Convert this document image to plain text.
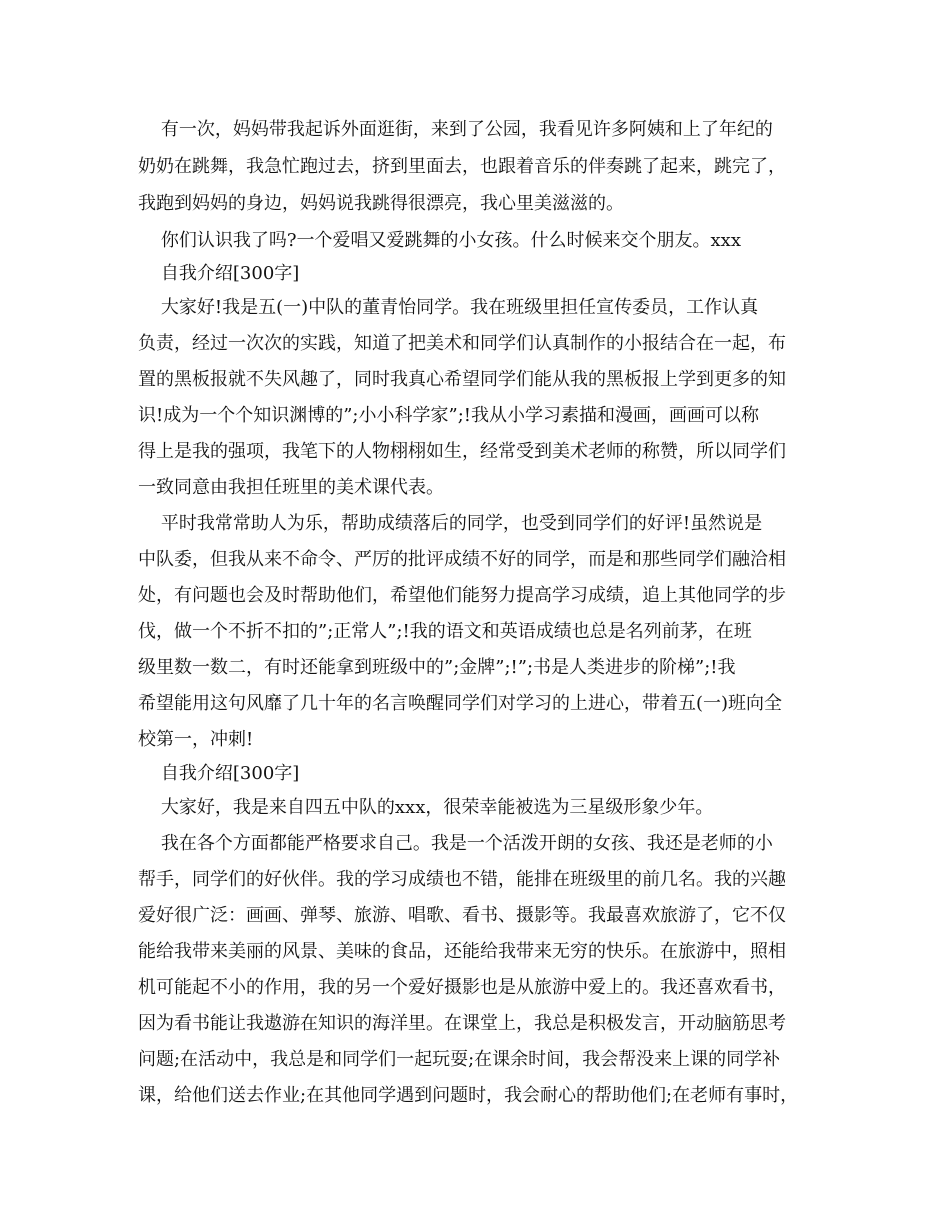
有一次，妈妈带我起诉外面逛街，来到了公园，我看见许多阿姨和上了年纪的
奶奶在跳舞，我急忙跑过去，挤到里面去，也跟着音乐的伴奏跳了起来，跳完了，
我跑到妈妈的身边，妈妈说我跳得很漂亮，我心里美滋滋的。
你们认识我了吗?一个爱唱又爱跳舞的小女孩。什么时候来交个朋友。xxx
自我介绍[300字]
大家好!我是五(一)中队的董青怡同学。我在班级里担任宣传委员，工作认真
负责，经过一次次的实践，知道了把美术和同学们认真制作的小报结合在一起，布
置的黑板报就不失风趣了，同时我真心希望同学们能从我的黑板报上学到更多的知
识!成为一个个知识渊博的”;小小科学家”;!我从小学习素描和漫画，画画可以称
得上是我的强项，我笔下的人物栩栩如生，经常受到美术老师的称赞，所以同学们
一致同意由我担任班里的美术课代表。
平时我常常助人为乐，帮助成绩落后的同学，也受到同学们的好评!虽然说是
中队委，但我从来不命令、严厉的批评成绩不好的同学，而是和那些同学们融洽相
处，有问题也会及时帮助他们，希望他们能努力提高学习成绩，追上其他同学的步
伐，做一个不折不扣的”;正常人”;!我的语文和英语成绩也总是名列前茅，在班
级里数一数二，有时还能拿到班级中的”;金牌”;!”;书是人类进步的阶梯”;!我
希望能用这句风靡了几十年的名言唤醒同学们对学习的上进心，带着五(一)班向全
校第一，冲刺!
自我介绍[300字]
大家好，我是来自四五中队的xxx，很荣幸能被选为三星级形象少年。
我在各个方面都能严格要求自己。我是一个活泼开朗的女孩、我还是老师的小
帮手，同学们的好伙伴。我的学习成绩也不错，能排在班级里的前几名。我的兴趣
爱好很广泛：画画、弹琴、旅游、唱歌、看书、摄影等。我最喜欢旅游了，它不仅
能给我带来美丽的风景、美味的食品，还能给我带来无穷的快乐。在旅游中，照相
机可能起不小的作用，我的另一个爱好摄影也是从旅游中爱上的。我还喜欢看书，
因为看书能让我遨游在知识的海洋里。在课堂上，我总是积极发言，开动脑筋思考
问题;在活动中，我总是和同学们一起玩耍;在课余时间，我会帮没来上课的同学补
课，给他们送去作业;在其他同学遇到问题时，我会耐心的帮助他们;在老师有事时，
